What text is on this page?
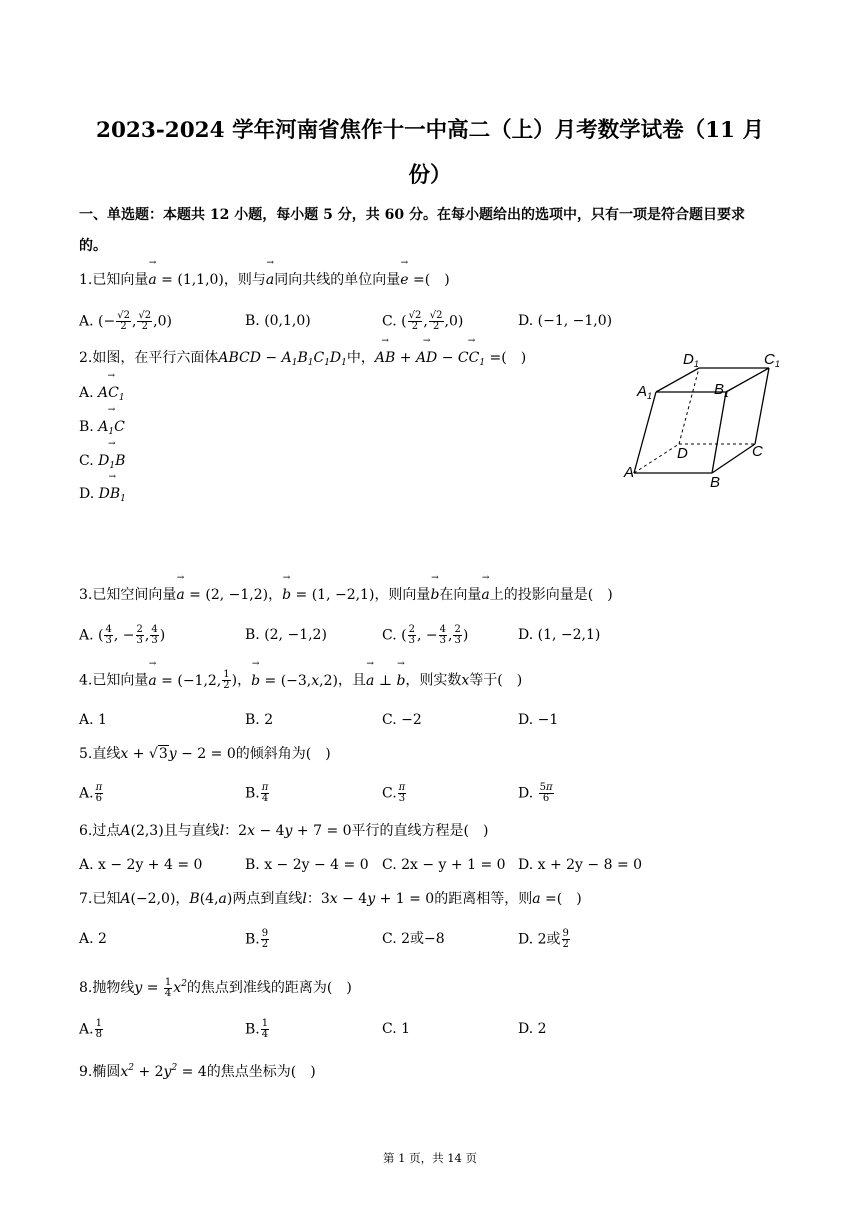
2023-2024 学年河南省焦作十一中高二（上）月考数学试卷（11 月
份）
一、单选题：本题共 12 小题，每小题 5 分，共 60 分。在每小题给出的选项中，只有一项是符合题目要求
的。
1.已知向量→ a = (1,1,0)，则与→ a同向共线的单位向量→ e =(　)
A. (− $\frac{√2}{2}$ , $\frac{√2}{2} ,0$)	B. (0,1,0)	C. ( $\frac{√2}{2}$ , $\frac{√2}{2} ,0$)	D. (−1, −1,0)
2.如图，在平行六面体ABCD − $A_1B_1C_1D_1$中，→ AB + → AD − → $CC_1$ =(　)
A. → $AC_1$
B. → $A_1C$
C. → $D_1B$
D. → $DB_1$
$A_1$	$B_1$
$C_1$
$D_1$
A
B
C
D
3.已知空间向量→ a = (2, −1,2)，→ b = (1, −2,1)，则向量→ b在向量→ a上的投影向量是(　)
A. ( $\frac{4}{3}$ , − $\frac{2}{3}$ , $\frac{4}{3}$ )	B. (2, −1,2)	C. ( $\frac{2}{3}$ , − $\frac{4}{3}$ , $\frac{2}{3}$ )	D. (1, −2,1)
4.已知向量→ a = (−1,2, $\frac{1}{2}$ )，→ b = (−3,x,2)，且→ a ⊥ → b，则实数x等于(　)
A. 1	B. 2	C. −2	D. −1
5.直线x + √3y − 2 = 0的倾斜角为(　)
A. $\frac{\pi}{6}$	B. $\frac{\pi}{4}$	C. $\frac{\pi}{3}$	D. $\frac{5\pi}{6}$
6.过点A(2,3)且与直线l：2x − 4y + 7 = 0平行的直线方程是(　)
A. x − 2y + 4 = 0	B. x − 2y − 4 = 0 C. 2x − y + 1 = 0 D. x + 2y − 8 = 0
7.已知A(−2,0)，B(4,a)两点到直线l：3x − 4y + 1 = 0的距离相等，则a =(　)
A. 2	B. $\frac{9}{2}$	C. 2或−8	D. 2或 $\frac{9}{2}$
8.抛物线$y = \frac{1}{4} x^2$的焦点到准线的距离为(　)
A. $\frac{1}{8}$	B. $\frac{1}{4}$	C. 1	D. 2
9.椭圆$x^2 + 2y^2 = 4$的焦点坐标为(　)
第 1 页，共 14 页
